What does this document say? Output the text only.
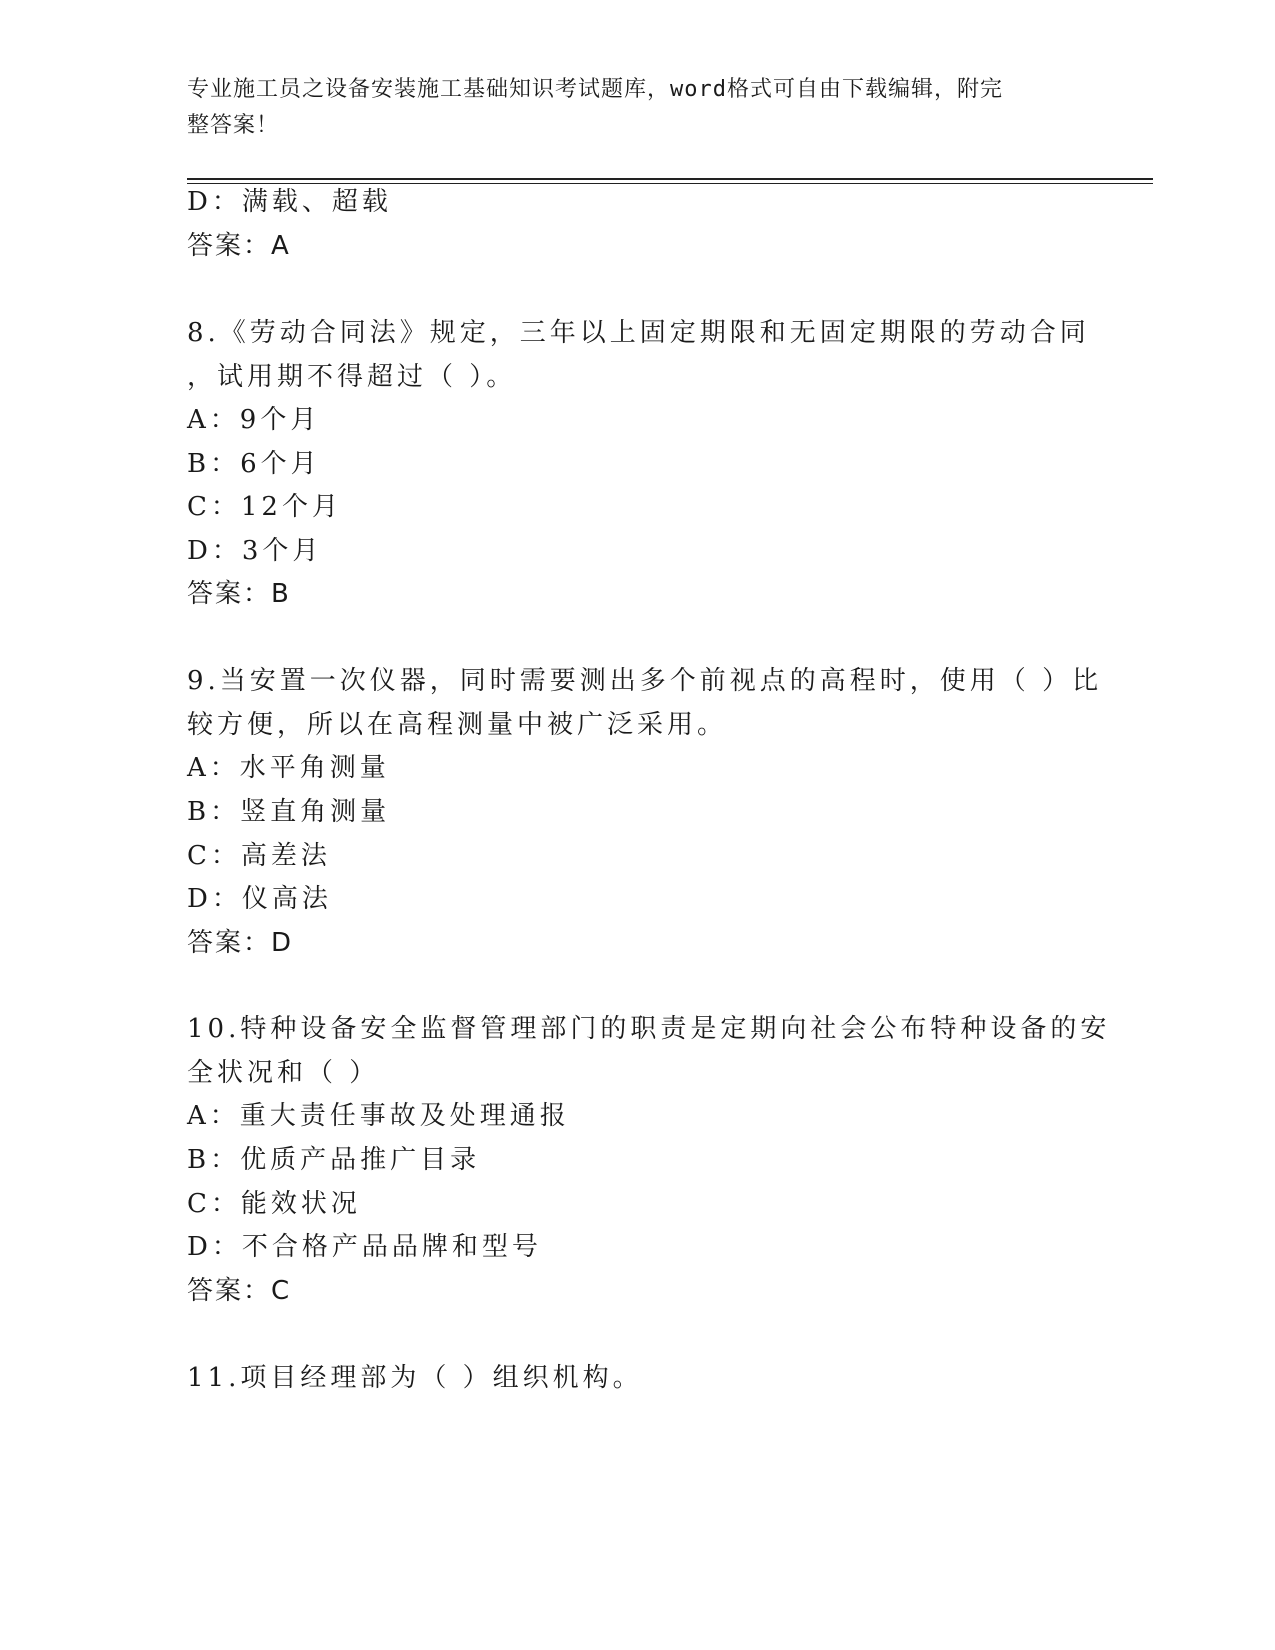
专业施工员之设备安装施工基础知识考试题库，word格式可自由下载编辑，附完
整答案！
D：满载、超载
答案：A
8.《劳动合同法》规定，三年以上固定期限和无固定期限的劳动合同
，试用期不得超过（ ）。
A：9个月
B：6个月
C：12个月
D：3个月
答案：B
9.当安置一次仪器，同时需要测出多个前视点的高程时，使用（ ）比
较方便，所以在高程测量中被广泛采用。
A：水平角测量
B：竖直角测量
C：高差法
D：仪高法
答案：D
10.特种设备安全监督管理部门的职责是定期向社会公布特种设备的安
全状况和（ ）
A：重大责任事故及处理通报
B：优质产品推广目录
C：能效状况
D：不合格产品品牌和型号
答案：C
11.项目经理部为（ ）组织机构。
